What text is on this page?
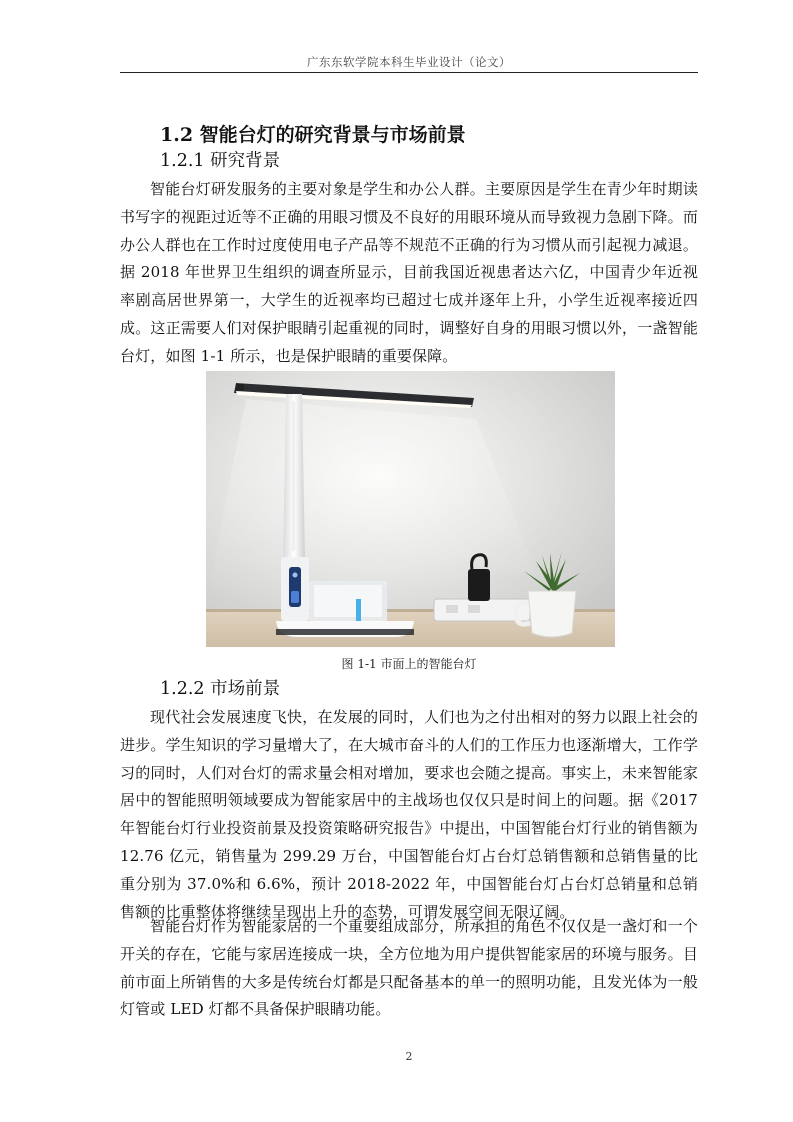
广东东软学院本科生毕业设计（论文）
1.2 智能台灯的研究背景与市场前景
1.2.1 研究背景

智能台灯研发服务的主要对象是学生和办公人群。主要原因是学生在青少年时期读书写字的视距过近等不正确的用眼习惯及不良好的用眼环境从而导致视力急剧下降。而办公人群也在工作时过度使用电子产品等不规范不正确的行为习惯从而引起视力减退。据 2018 年世界卫生组织的调查所显示，目前我国近视患者达六亿，中国青少年近视率剧高居世界第一，大学生的近视率均已超过七成并逐年上升，小学生近视率接近四成。这正需要人们对保护眼睛引起重视的同时，调整好自身的用眼习惯以外，一盏智能台灯，如图 1-1 所示，也是保护眼睛的重要保障。

图 1-1 市面上的智能台灯
1.2.2 市场前景

现代社会发展速度飞快，在发展的同时，人们也为之付出相对的努力以跟上社会的进步。学生知识的学习量增大了，在大城市奋斗的人们的工作压力也逐渐增大，工作学习的同时，人们对台灯的需求量会相对增加，要求也会随之提高。事实上，未来智能家居中的智能照明领域要成为智能家居中的主战场也仅仅只是时间上的问题。据《2017 年智能台灯行业投资前景及投资策略研究报告》中提出，中国智能台灯行业的销售额为 12.76 亿元，销售量为 299.29 万台，中国智能台灯占台灯总销售额和总销售量的比重分别为 37.0%和 6.6%，预计 2018-2022 年，中国智能台灯占台灯总销量和总销售额的比重整体将继续呈现出上升的态势，可谓发展空间无限辽阔。

智能台灯作为智能家居的一个重要组成部分，所承担的角色不仅仅是一盏灯和一个开关的存在，它能与家居连接成一块，全方位地为用户提供智能家居的环境与服务。目前市面上所销售的大多是传统台灯都是只配备基本的单一的照明功能，且发光体为一般灯管或 LED 灯都不具备保护眼睛功能。

2
